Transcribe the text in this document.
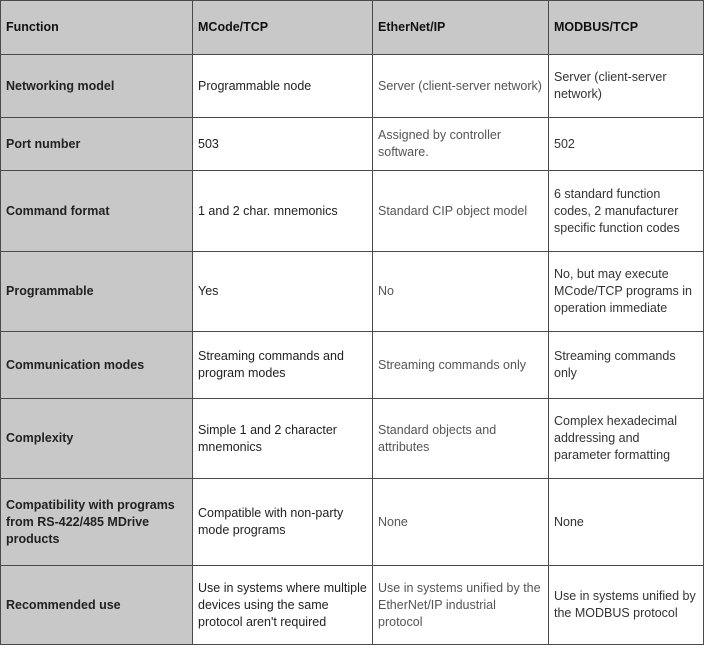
Function	MCode/TCP	EtherNet/IP	MODBUS/TCP
Networking model	Programmable node	Server (client-server network)	Server (client-server network)
Port number	503	Assigned by controller software.	502
Command format	1 and 2 char. mnemonics	Standard CIP object model	6 standard function codes, 2 manufacturer specific function codes
Programmable	Yes	No	No, but may execute MCode/TCP programs in operation immediate
Communication modes	Streaming commands and program modes	Streaming commands only	Streaming commands only
Complexity	Simple 1 and 2 character mnemonics	Standard objects and attributes	Complex hexadecimal addressing and parameter formatting
Compatibility with programs from RS-422/485 MDrive products	Compatible with non-party mode programs	None	None
Recommended use	Use in systems where multiple devices using the same protocol aren't required	Use in systems unified by the EtherNet/IP industrial protocol	Use in systems unified by the MODBUS protocol
